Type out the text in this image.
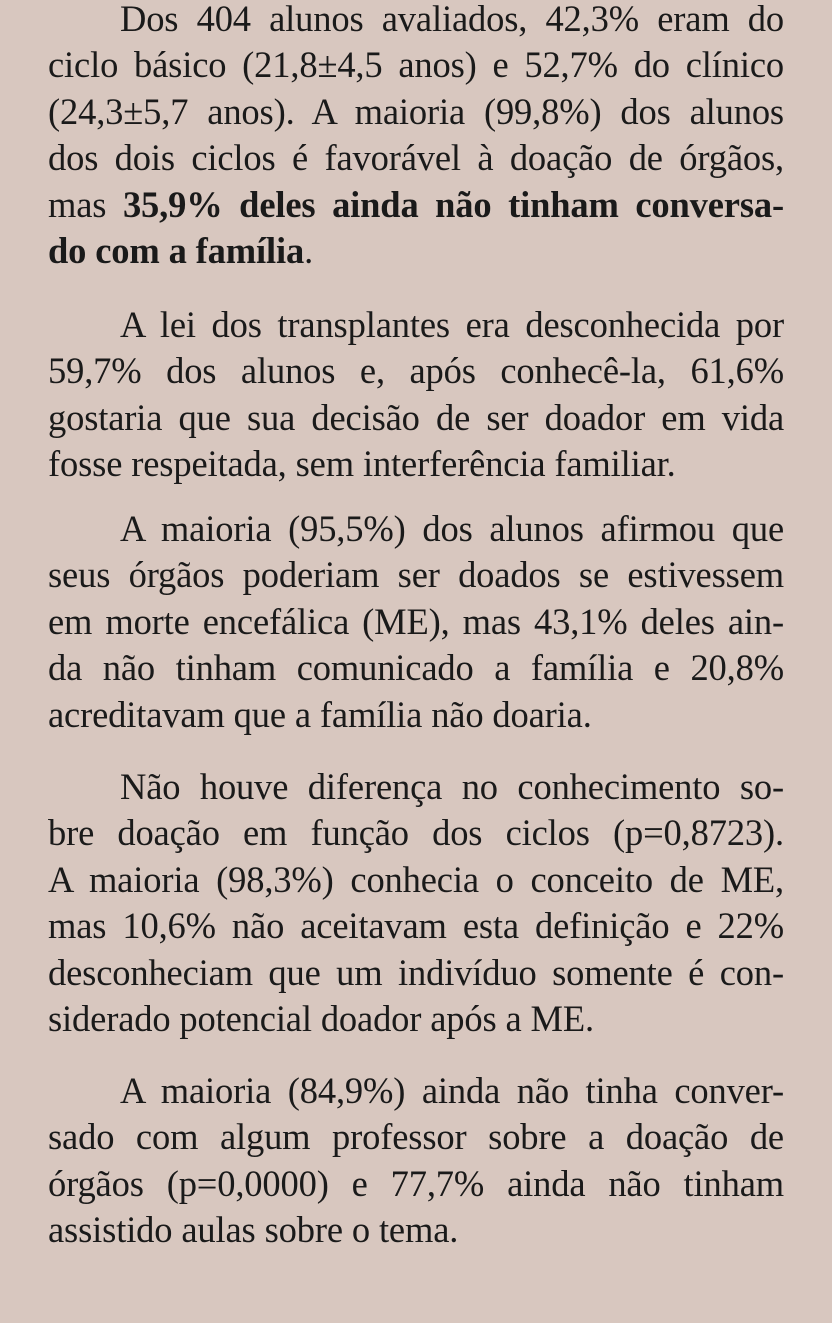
Dos 404 alunos avaliados, 42,3% eram do
ciclo básico (21,8±4,5 anos) e 52,7% do clínico
(24,3±5,7 anos). A maioria (99,8%) dos alunos
dos dois ciclos é favorável à doação de órgãos,
mas 35,9% deles ainda não tinham conversa-
do com a família.
A lei dos transplantes era desconhecida por
59,7% dos alunos e, após conhecê-la, 61,6%
gostaria que sua decisão de ser doador em vida
fosse respeitada, sem interferência familiar.
A maioria (95,5%) dos alunos afirmou que
seus órgãos poderiam ser doados se estivessem
em morte encefálica (ME), mas 43,1% deles ain-
da não tinham comunicado a família e 20,8%
acreditavam que a família não doaria.
Não houve diferença no conhecimento so-
bre doação em função dos ciclos (p=0,8723).
A maioria (98,3%) conhecia o conceito de ME,
mas 10,6% não aceitavam esta definição e 22%
desconheciam que um indivíduo somente é con-
siderado potencial doador após a ME.
A maioria (84,9%) ainda não tinha conver-
sado com algum professor sobre a doação de
órgãos (p=0,0000) e 77,7% ainda não tinham
assistido aulas sobre o tema.
